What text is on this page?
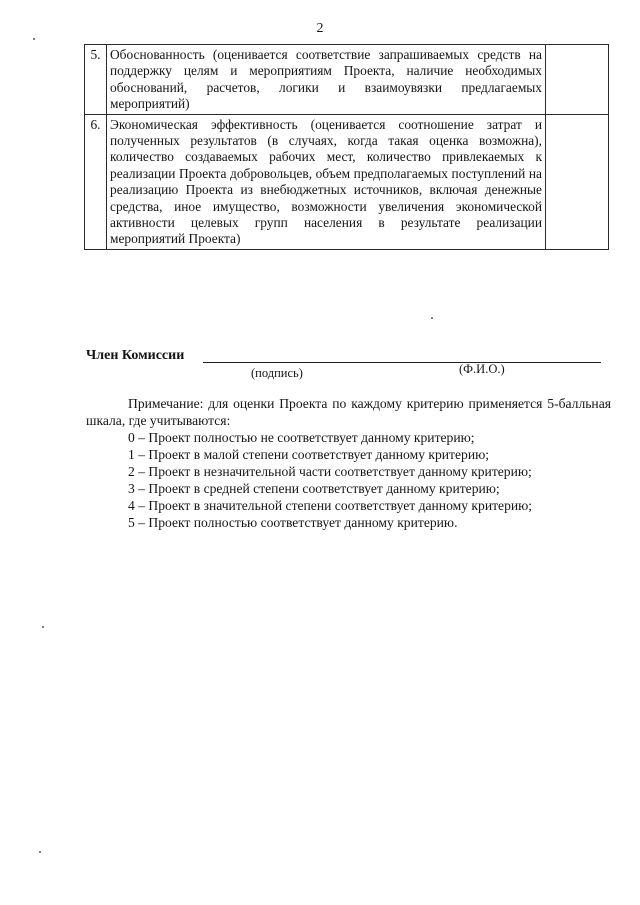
2
5.	Обоснованность (оценивается соответствие запрашиваемых средств на поддержку целям и мероприятиям Проекта, наличие необходимых обоснований, расчетов, логики и взаимоувязки предлагаемых мероприятий)	
6.	Экономическая эффективность (оценивается соотношение затрат и полученных результатов (в случаях, когда такая оценка возможна), количество создаваемых рабочих мест, количество привлекаемых к реализации Проекта добровольцев, объем предполагаемых поступлений на реализацию Проекта из внебюджетных источников, включая денежные средства, иное имущество, возможности увеличения экономической активности целевых групп населения в результате реализации мероприятий Проекта)	
Член Комиссии
(подпись)	(Ф.И.О.)

Примечание: для оценки Проекта по каждому критерию применяется 5-балльная шкала, где учитываются:

0 – Проект полностью не соответствует данному критерию;
1 – Проект в малой степени соответствует данному критерию;
2 – Проект в незначительной части соответствует данному критерию;
3 – Проект в средней степени соответствует данному критерию;
4 – Проект в значительной степени соответствует данному критерию;
5 – Проект полностью соответствует данному критерию.
